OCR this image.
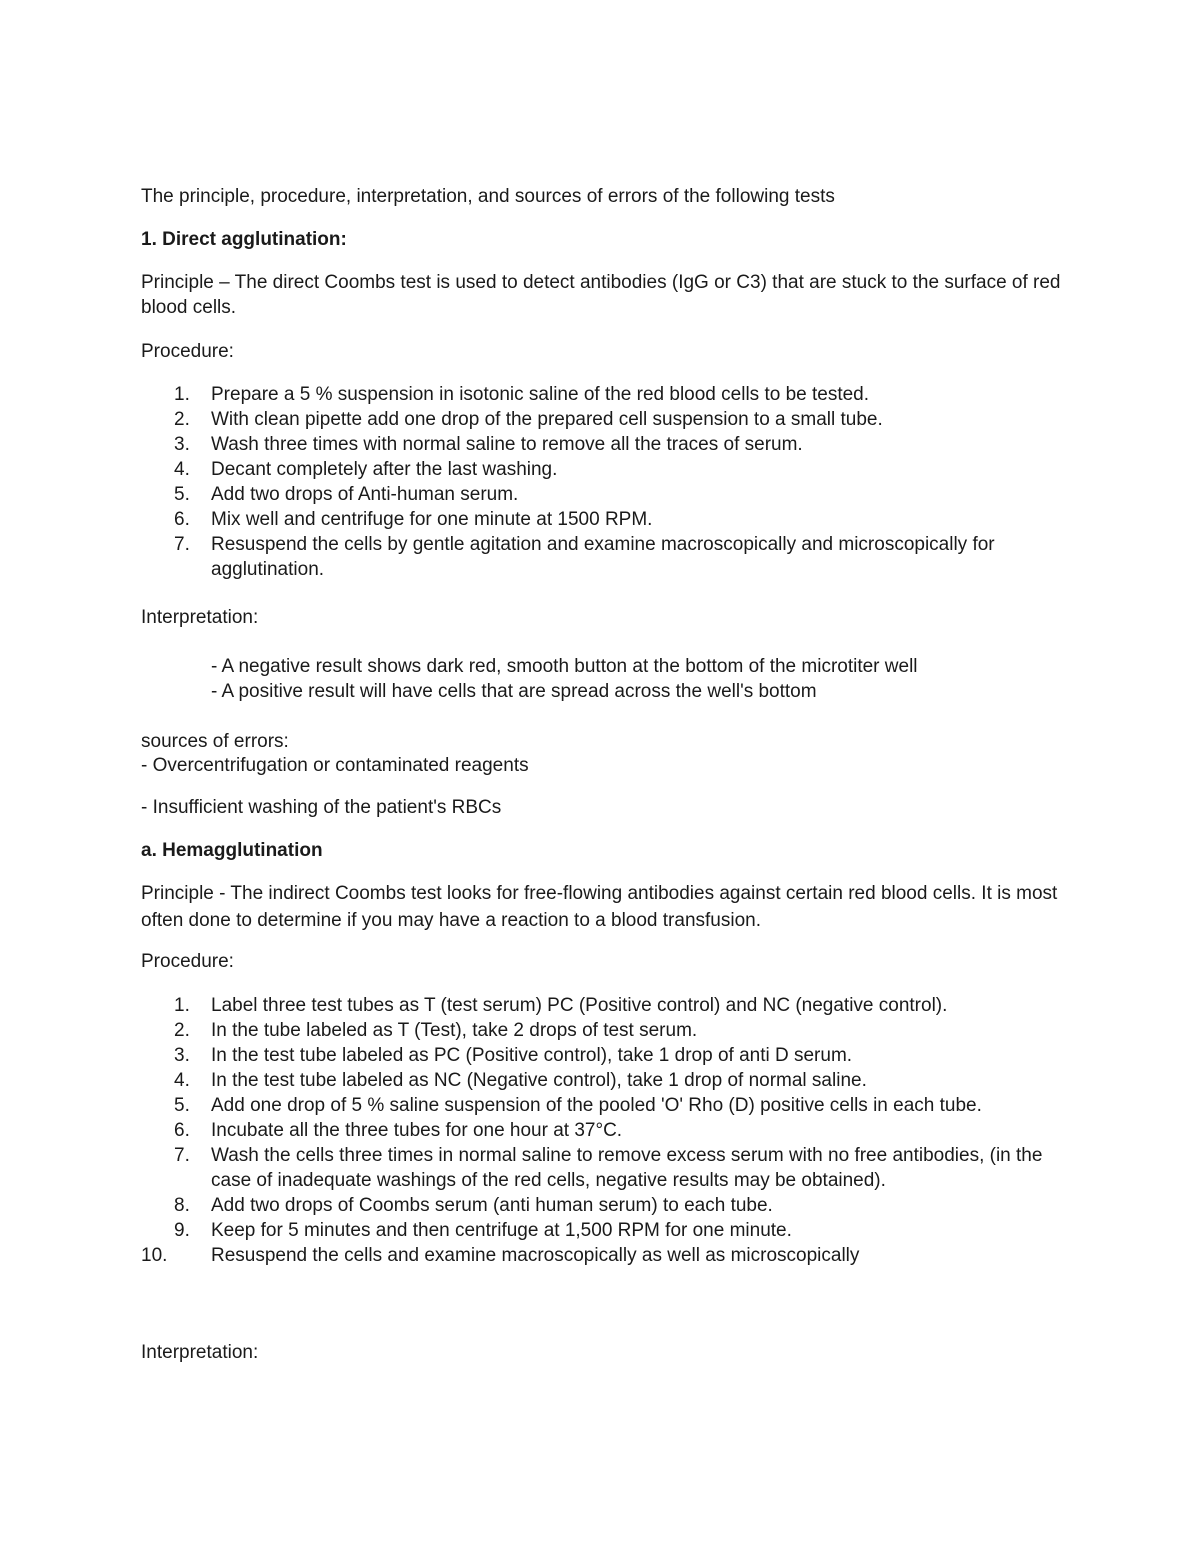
The principle, procedure, interpretation, and sources of errors of the following tests

1. Direct agglutination:

Principle – The direct Coombs test is used to detect antibodies (IgG or C3) that are stuck to the surface of red blood cells.

Procedure:

1. Prepare a 5 % suspension in isotonic saline of the red blood cells to be tested.
2. With clean pipette add one drop of the prepared cell suspension to a small tube.
3. Wash three times with normal saline to remove all the traces of serum.
4. Decant completely after the last washing.
5. Add two drops of Anti-human serum.
6. Mix well and centrifuge for one minute at 1500 RPM.
7. Resuspend the cells by gentle agitation and examine macroscopically and microscopically for agglutination.

Interpretation:

- A negative result shows dark red, smooth button at the bottom of the microtiter well

- A positive result will have cells that are spread across the well's bottom

sources of errors:

- Overcentrifugation or contaminated reagents

- Insufficient washing of the patient's RBCs

a. Hemagglutination

Principle - The indirect Coombs test looks for free-flowing antibodies against certain red blood cells. It is most often done to determine if you may have a reaction to a blood transfusion.

Procedure:

1. Label three test tubes as T (test serum) PC (Positive control) and NC (negative control).
2. In the tube labeled as T (Test), take 2 drops of test serum.
3. In the test tube labeled as PC (Positive control), take 1 drop of anti D serum.
4. In the test tube labeled as NC (Negative control), take 1 drop of normal saline.
5. Add one drop of 5 % saline suspension of the pooled 'O' Rho (D) positive cells in each tube.
6. Incubate all the three tubes for one hour at 37°C.
7. Wash the cells three times in normal saline to remove excess serum with no free antibodies, (in the case of inadequate washings of the red cells, negative results may be obtained).
8. Add two drops of Coombs serum (anti human serum) to each tube.
9. Keep for 5 minutes and then centrifuge at 1,500 RPM for one minute.
10. Resuspend the cells and examine macroscopically as well as microscopically

Interpretation:
